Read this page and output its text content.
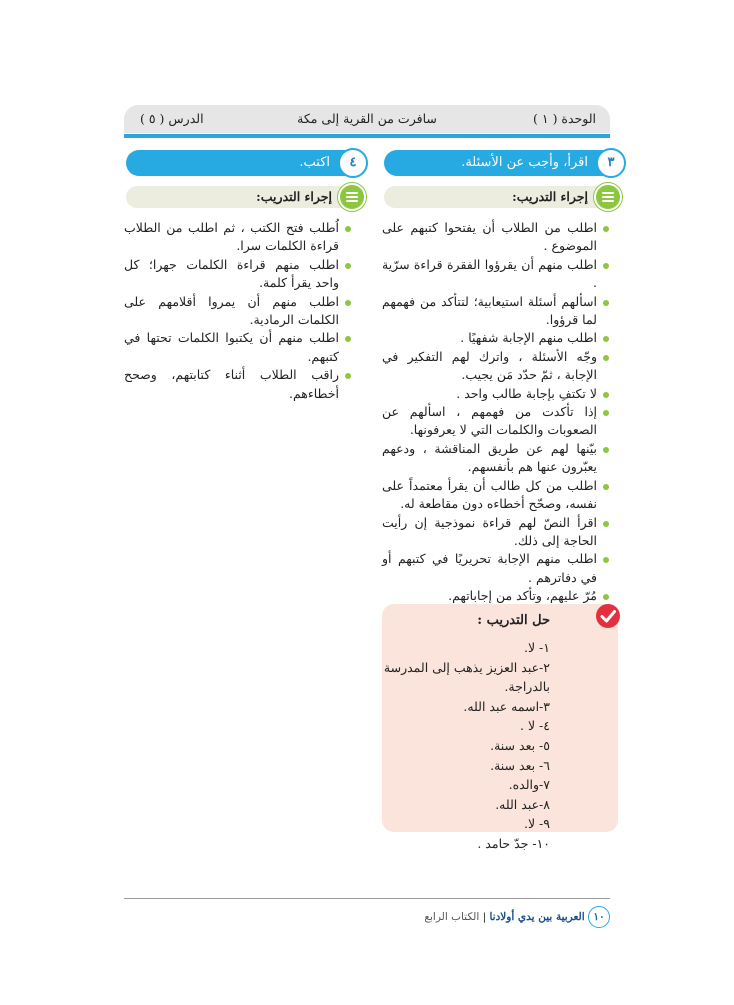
الوحدة ( ١ )
سافرت من القرية إلى مكة
الدرس ( ٥ )
٣
اقرأ، وأجب عن الأسئلة.
إجراء التدريب:
اطلب من الطلاب أن يفتحوا كتبهم على الموضوع .
اطلب منهم أن يقرؤوا الفقرة قراءة سرّية .
اسألهم أسئلة استيعابية؛ لتتأكد من فهمهم لما قرؤوا.
اطلب منهم الإجابة شفهيًا .
وجّه الأسئلة ، واترك لهم التفكير في الإجابة ، ثمّ حدّد مَن يجيب.
لا تكتفِ بإجابة طالب واحد .
إذا تأكدت من فهمهم ، اسألهم عن الصعوبات والكلمات التي لا يعرفونها.
بيّنها لهم عن طريق المناقشة ، ودعهم يعبّرون عنها هم بأنفسهم.
اطلب من كل طالب أن يقرأ معتمداً على نفسه، وصحّح أخطاءه دون مقاطعة له.
اقرأ النصّ لهم قراءة نموذجية إن رأيت الحاجة إلى ذلك.
اطلب منهم الإجابة تحريريًا في كتبهم أو في دفاترهم .
مُرّ عليهم، وتأكد من إجاباتهم.
٤
اكتب.
إجراء التدريب:
اُطلب فتح الكتب ، ثم اطلب من الطلاب قراءة الكلمات سرا.
اطلب منهم قراءة الكلمات جهرا؛ كل واحد يقرأ كلمة.
اطلب منهم أن يمروا أقلامهم على الكلمات الرمادية.
اطلب منهم أن يكتبوا الكلمات تحتها في كتبهم.
راقب الطلاب أثناء كتابتهم، وصحح أخطاءهم.
حل التدريب :
١- لا.
٢-عبد العزيز يذهب إلى المدرسة بالدراجة.
٣-اسمه عبد الله.
٤- لا .
٥- بعد سنة.
٦- بعد سنة.
٧-والده.
٨-عبد الله.
٩- لا.
١٠- جدّ حامد .
١٠ العربية بين يدي أولادنا | الكتاب الرابع
